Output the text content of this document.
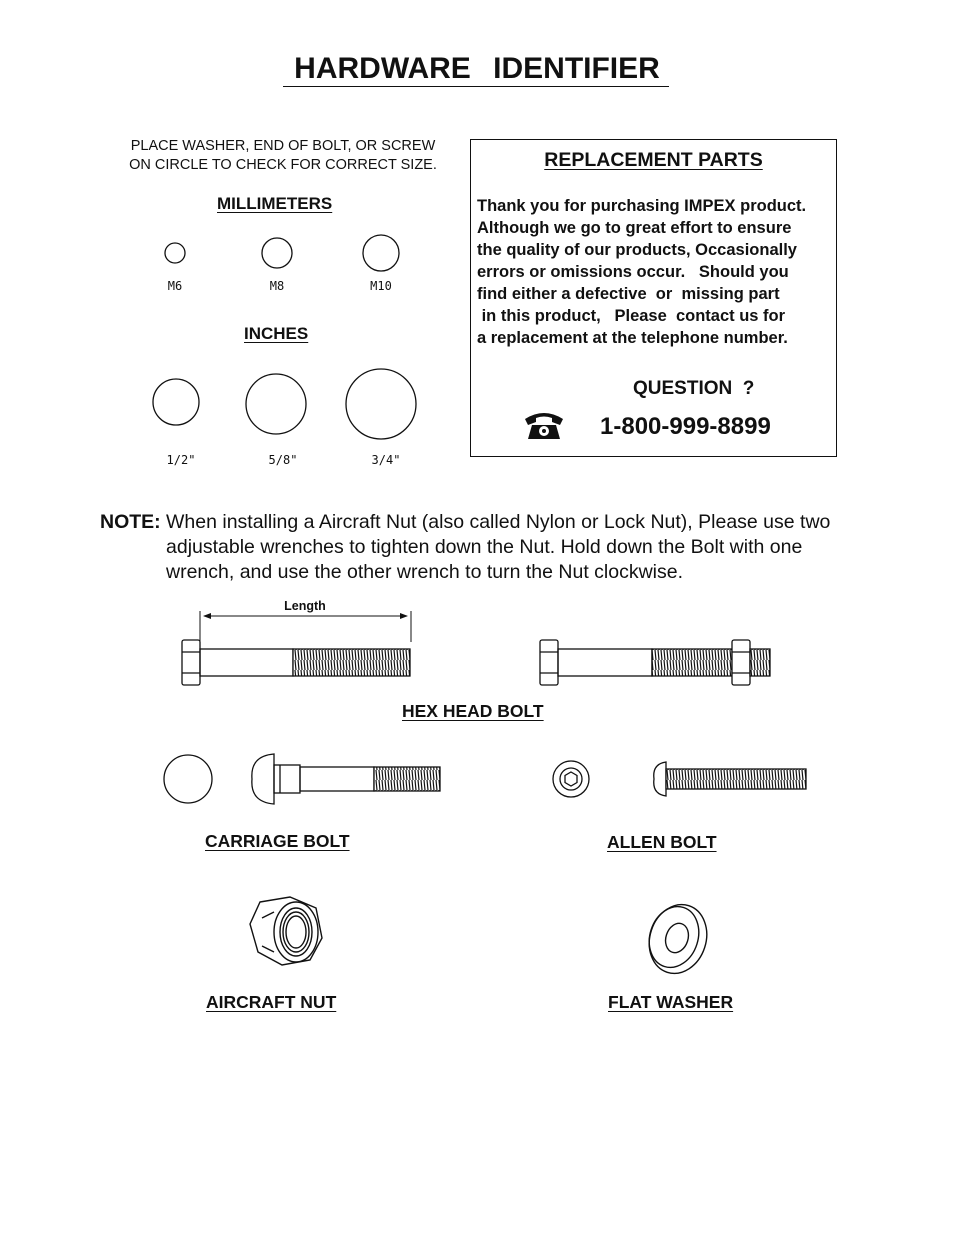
HARDWARE IDENTIFIER
PLACE WASHER, END OF BOLT, OR SCREW
ON CIRCLE TO CHECK FOR CORRECT SIZE.
MILLIMETERS
M6	M8	M10
INCHES
1/2"	5/8"	3/4"
REPLACEMENT PARTS
Thank you for purchasing IMPEX product.
Although we go to great effort to ensure
the quality of our products, Occasionally
errors or omissions occur.   Should you
find either a defective  or  missing part
in this product,   Please  contact us for
a replacement at the telephone number.
QUESTION  ?
1-800-999-8899
NOTE: When installing a Aircraft Nut (also called Nylon or Lock Nut), Please use two adjustable wrenches to tighten down the Nut. Hold down the Bolt with one wrench, and use the other wrench to turn the Nut clockwise.
Length
HEX HEAD BOLT
CARRIAGE BOLT	ALLEN BOLT
AIRCRAFT NUT	FLAT WASHER
